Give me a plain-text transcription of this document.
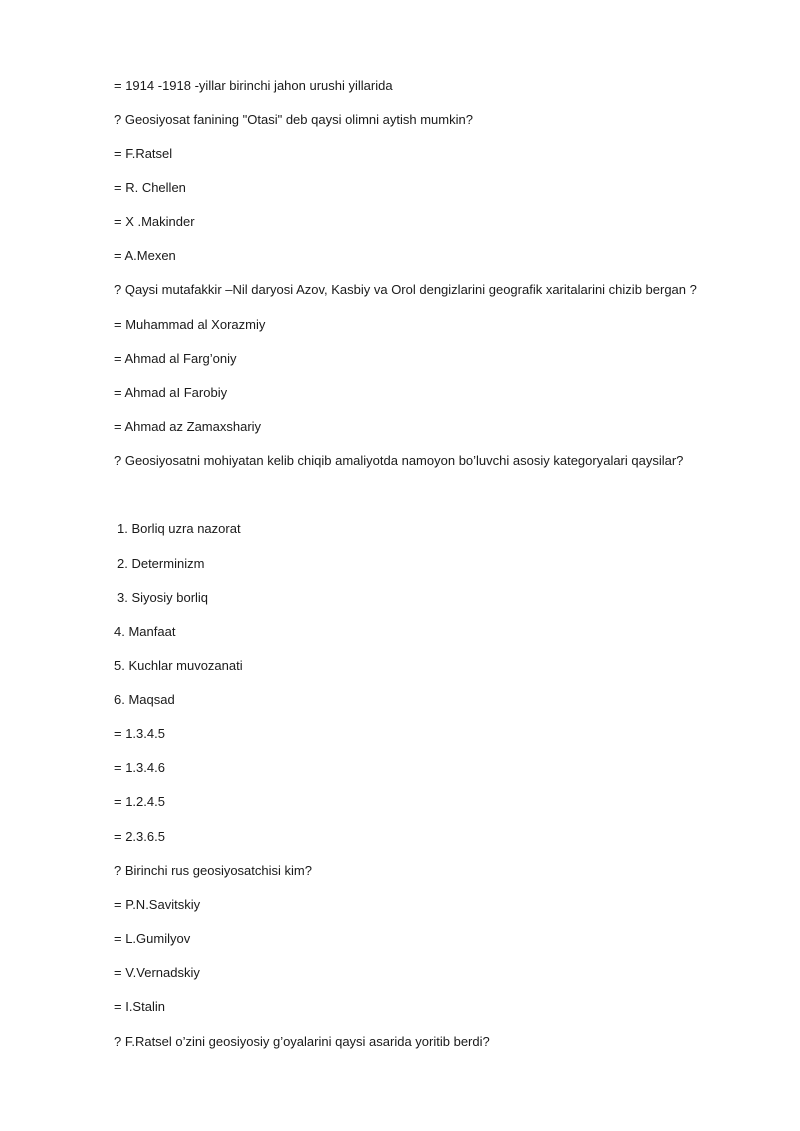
= 1914 -1918 -yillar birinchi jahon urushi yillarida
? Geosiyosat fanining "Otasi" deb qaysi olimni aytish mumkin?
= F.Ratsel
= R. Chellen
= X .Makinder
= A.Mexen
? Qaysi mutafakkir –Nil daryosi Azov, Kasbiy va Orol dengizlarini geografik xaritalarini chizib bergan ?
= Muhammad al Xorazmiy
= Ahmad al Farg’oniy
= Ahmad aI Farobiy
= Ahmad az Zamaxshariy
? Geosiyosatni mohiyatan kelib chiqib amaliyotda namoyon bo’luvchi asosiy kategoryalari qaysilar?
1. Borliq uzra nazorat
2. Determinizm
3. Siyosiy borliq
4. Manfaat
5. Kuchlar muvozanati
6. Maqsad
= 1.3.4.5
= 1.3.4.6
= 1.2.4.5
= 2.3.6.5
? Birinchi rus geosiyosatchisi kim?
= P.N.Savitskiy
= L.Gumilyov
= V.Vernadskiy
= I.Stalin
? F.Ratsel o’zini geosiyosiy g’oyalarini qaysi asarida yoritib berdi?
